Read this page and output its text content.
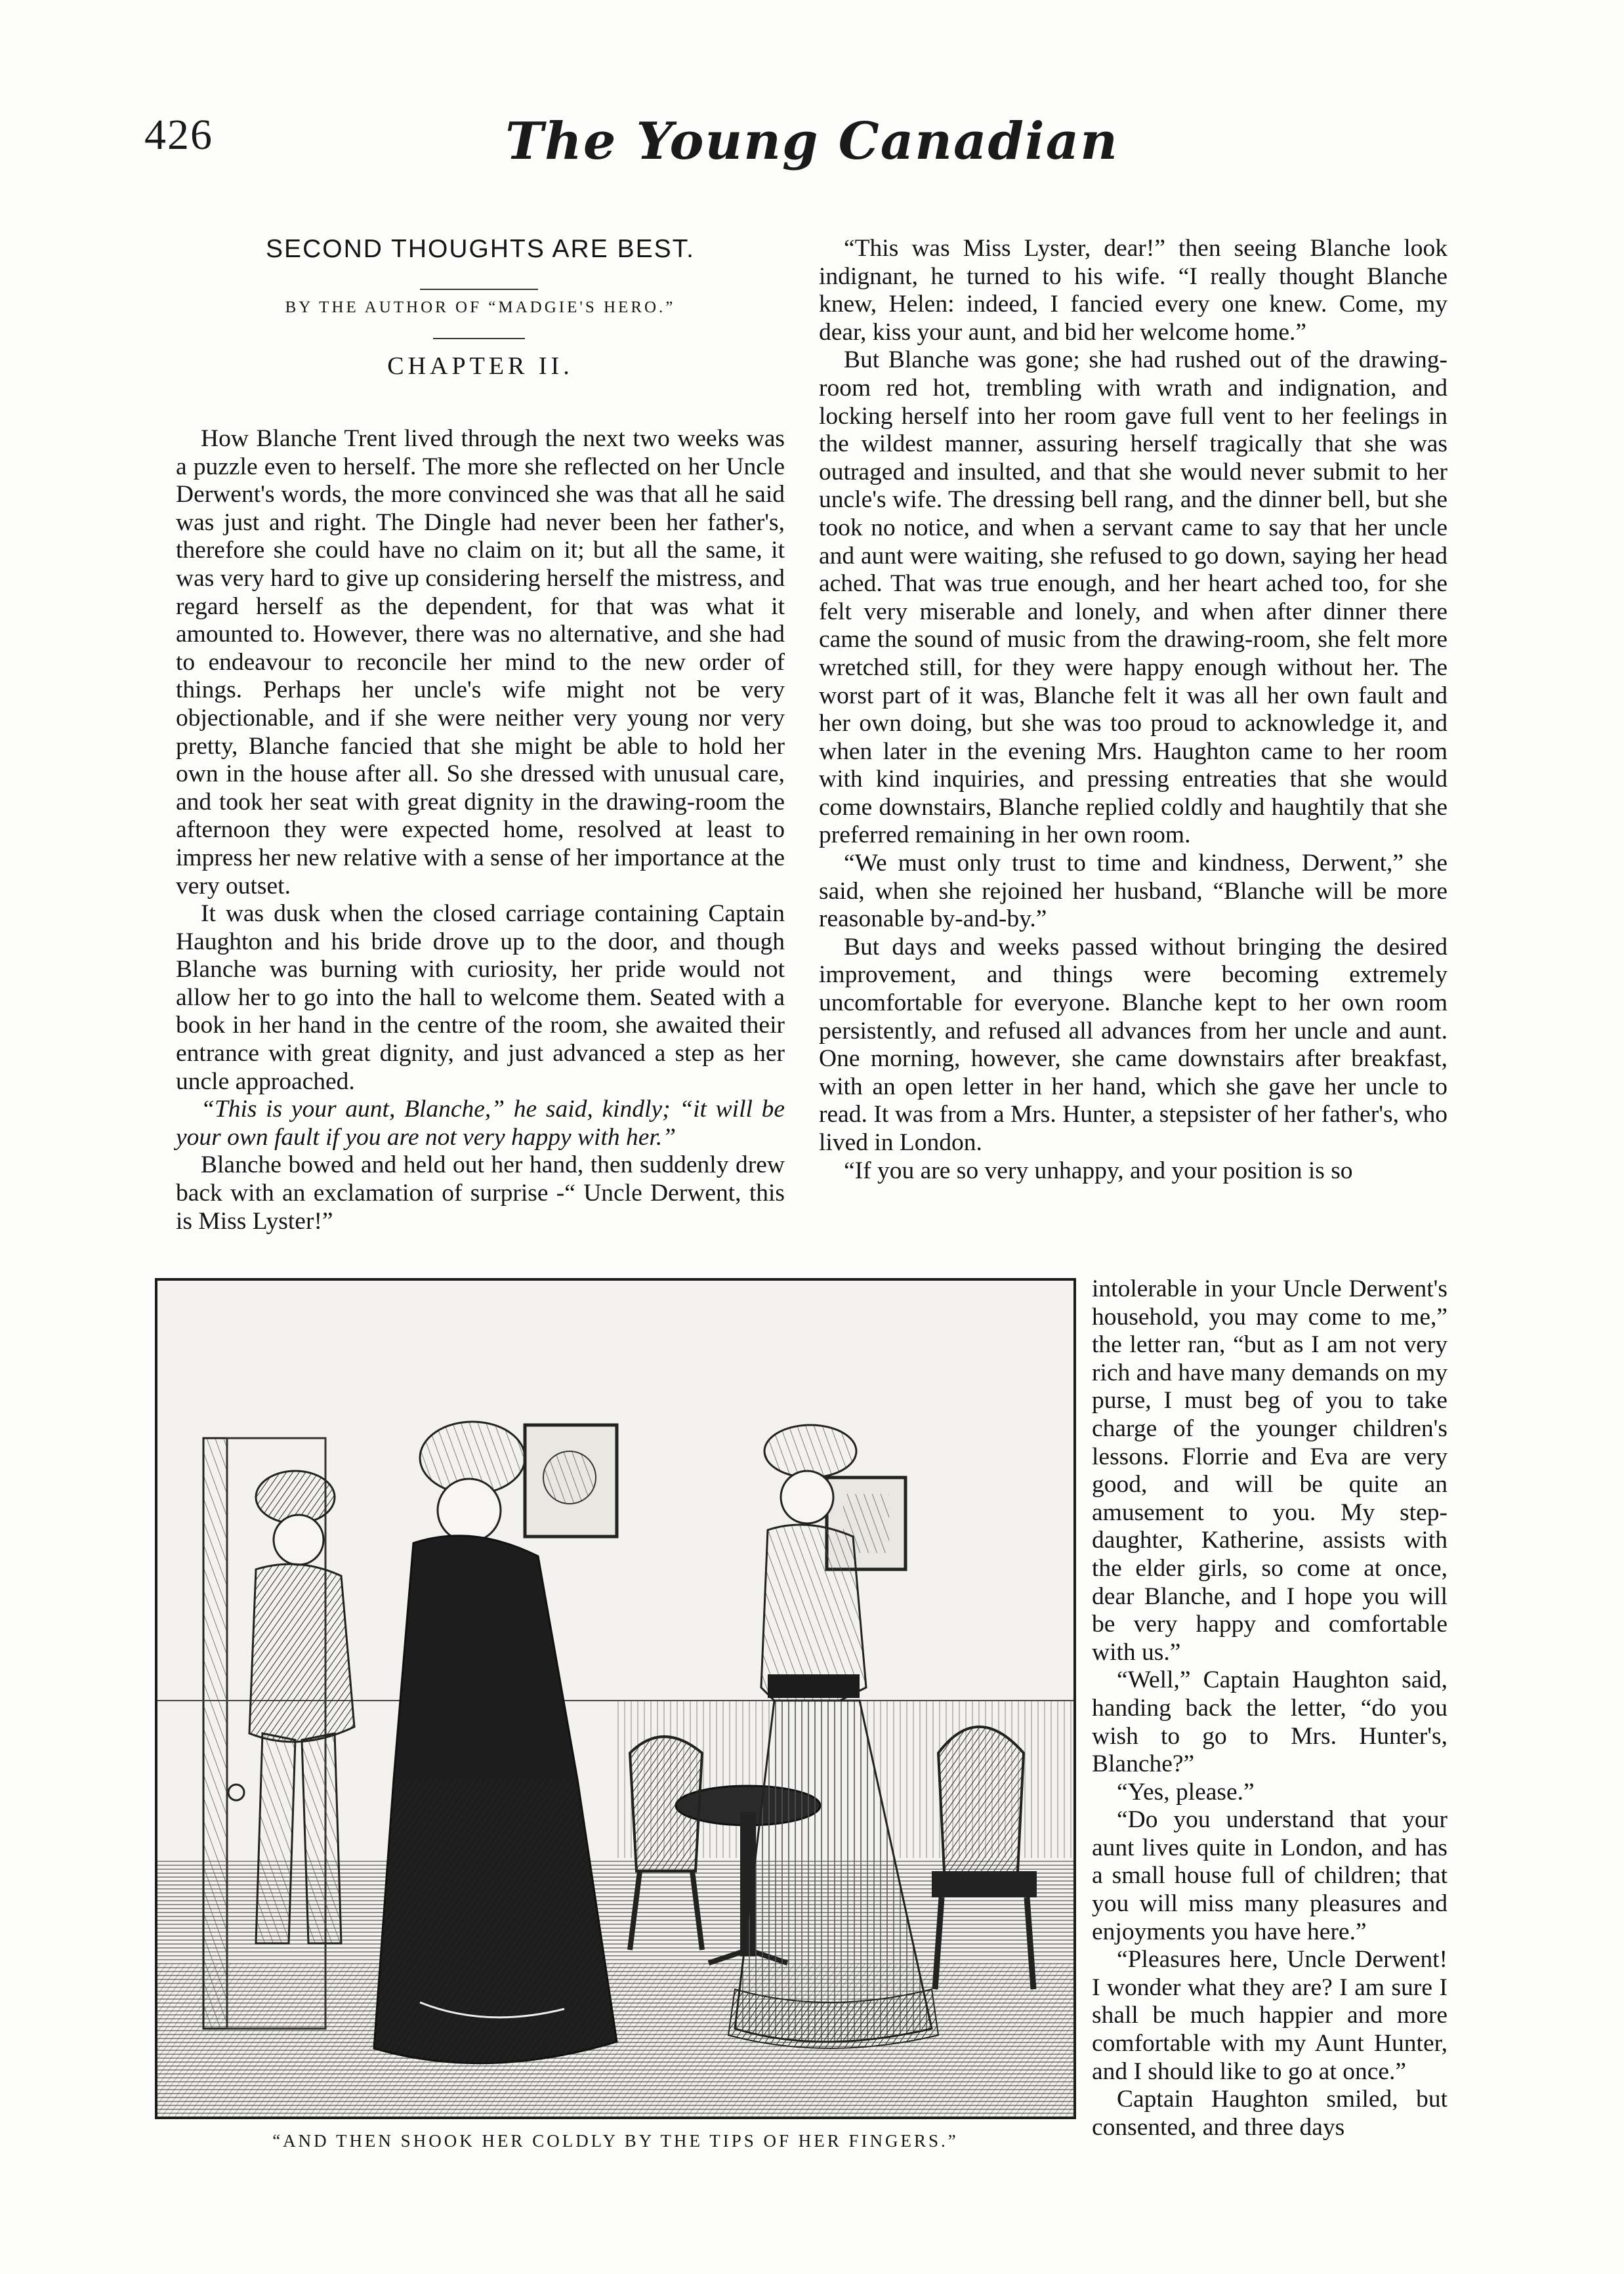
426	The Young Canadian
SECOND THOUGHTS ARE BEST.
BY THE AUTHOR OF “MADGIE'S HERO.”
CHAPTER II.

How Blanche Trent lived through the next two weeks was a puzzle even to herself. The more she reflected on her Uncle Derwent's words, the more convinced she was that all he said was just and right. The Dingle had never been her father's, therefore she could have no claim on it; but all the same, it was very hard to give up considering herself the mistress, and regard herself as the dependent, for that was what it amounted to. However, there was no alternative, and she had to endeavour to reconcile her mind to the new order of things. Perhaps her uncle's wife might not be very objectionable, and if she were neither very young nor very pretty, Blanche fancied that she might be able to hold her own in the house after all. So she dressed with unusual care, and took her seat with great dignity in the drawing-room the afternoon they were expected home, resolved at least to impress her new relative with a sense of her importance at the very outset.

It was dusk when the closed carriage containing Captain Haughton and his bride drove up to the door, and though Blanche was burning with curiosity, her pride would not allow her to go into the hall to welcome them. Seated with a book in her hand in the centre of the room, she awaited their entrance with great dignity, and just advanced a step as her uncle approached.

“This is your aunt, Blanche,” he said, kindly; “it will be your own fault if you are not very happy with her.”

Blanche bowed and held out her hand, then suddenly drew back with an exclamation of surprise -“ Uncle Derwent, this is Miss Lyster!”

“This was Miss Lyster, dear!” then seeing Blanche look indignant, he turned to his wife. “I really thought Blanche knew, Helen: indeed, I fancied every one knew. Come, my dear, kiss your aunt, and bid her welcome home.”

But Blanche was gone; she had rushed out of the drawing-room red hot, trembling with wrath and indignation, and locking herself into her room gave full vent to her feelings in the wildest manner, assuring herself tragically that she was outraged and insulted, and that she would never submit to her uncle's wife. The dressing bell rang, and the dinner bell, but she took no notice, and when a servant came to say that her uncle and aunt were waiting, she refused to go down, saying her head ached. That was true enough, and her heart ached too, for she felt very miserable and lonely, and when after dinner there came the sound of music from the drawing-room, she felt more wretched still, for they were happy enough without her. The worst part of it was, Blanche felt it was all her own fault and her own doing, but she was too proud to acknowledge it, and when later in the evening Mrs. Haughton came to her room with kind inquiries, and pressing entreaties that she would come downstairs, Blanche replied coldly and haughtily that she preferred remaining in her own room.

“We must only trust to time and kindness, Derwent,” she said, when she rejoined her husband, “Blanche will be more reasonable by-and-by.”

But days and weeks passed without bringing the desired improvement, and things were becoming extremely uncomfortable for everyone. Blanche kept to her own room persistently, and refused all advances from her uncle and aunt. One morning, however, she came downstairs after breakfast, with an open letter in her hand, which she gave her uncle to read. It was from a Mrs. Hunter, a stepsister of her father's, who lived in London.

“If you are so very unhappy, and your position is so

“AND THEN SHOOK HER COLDLY BY THE TIPS OF HER FINGERS.”

intolerable in your Uncle Derwent's household, you may come to me,” the letter ran, “but as I am not very rich and have many demands on my purse, I must beg of you to take charge of the younger children's lessons. Florrie and Eva are very good, and will be quite an amusement to you. My stepdaughter, Katherine, assists with the elder girls, so come at once, dear Blanche, and I hope you will be very happy and comfortable with us.”

“Well,” Captain Haughton said, handing back the letter, “do you wish to go to Mrs. Hunter's, Blanche?”

“Yes, please.”

“Do you understand that your aunt lives quite in London, and has a small house full of children; that you will miss many pleasures and enjoyments you have here.”

“Pleasures here, Uncle Derwent! I wonder what they are? I am sure I shall be much happier and more comfortable with my Aunt Hunter, and I should like to go at once.”

Captain Haughton smiled, but consented, and three days
